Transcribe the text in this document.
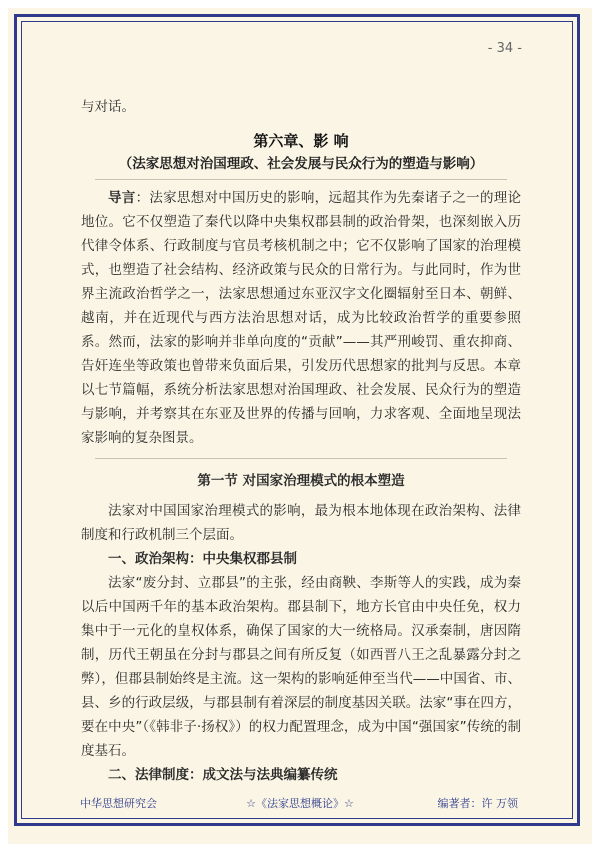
- 34 -

与对话。

第六章、影 响
（法家思想对治国理政、社会发展与民众行为的塑造与影响）

导言：法家思想对中国历史的影响，远超其作为先秦诸子之一的理论地位。它不仅塑造了秦代以降中央集权郡县制的政治骨架，也深刻嵌入历代律令体系、行政制度与官员考核机制之中；它不仅影响了国家的治理模式，也塑造了社会结构、经济政策与民众的日常行为。与此同时，作为世界主流政治哲学之一，法家思想通过东亚汉字文化圈辐射至日本、朝鲜、越南，并在近现代与西方法治思想对话，成为比较政治哲学的重要参照系。然而，法家的影响并非单向度的“贡献”——其严刑峻罚、重农抑商、告奸连坐等政策也曾带来负面后果，引发历代思想家的批判与反思。本章以七节篇幅，系统分析法家思想对治国理政、社会发展、民众行为的塑造与影响，并考察其在东亚及世界的传播与回响，力求客观、全面地呈现法家影响的复杂图景。

第一节 对国家治理模式的根本塑造

法家对中国国家治理模式的影响，最为根本地体现在政治架构、法律制度和行政机制三个层面。

一、政治架构：中央集权郡县制

法家“废分封、立郡县”的主张，经由商鞅、李斯等人的实践，成为秦以后中国两千年的基本政治架构。郡县制下，地方长官由中央任免，权力集中于一元化的皇权体系，确保了国家的大一统格局。汉承秦制，唐因隋制，历代王朝虽在分封与郡县之间有所反复（如西晋八王之乱暴露分封之弊），但郡县制始终是主流。这一架构的影响延伸至当代——中国省、市、县、乡的行政层级，与郡县制有着深层的制度基因关联。法家“事在四方，要在中央”（《韩非子·扬权》）的权力配置理念，成为中国“强国家”传统的制度基石。

二、法律制度：成文法与法典编纂传统

中华思想研究会	☆《法家思想概论》☆	编著者：许 万领
